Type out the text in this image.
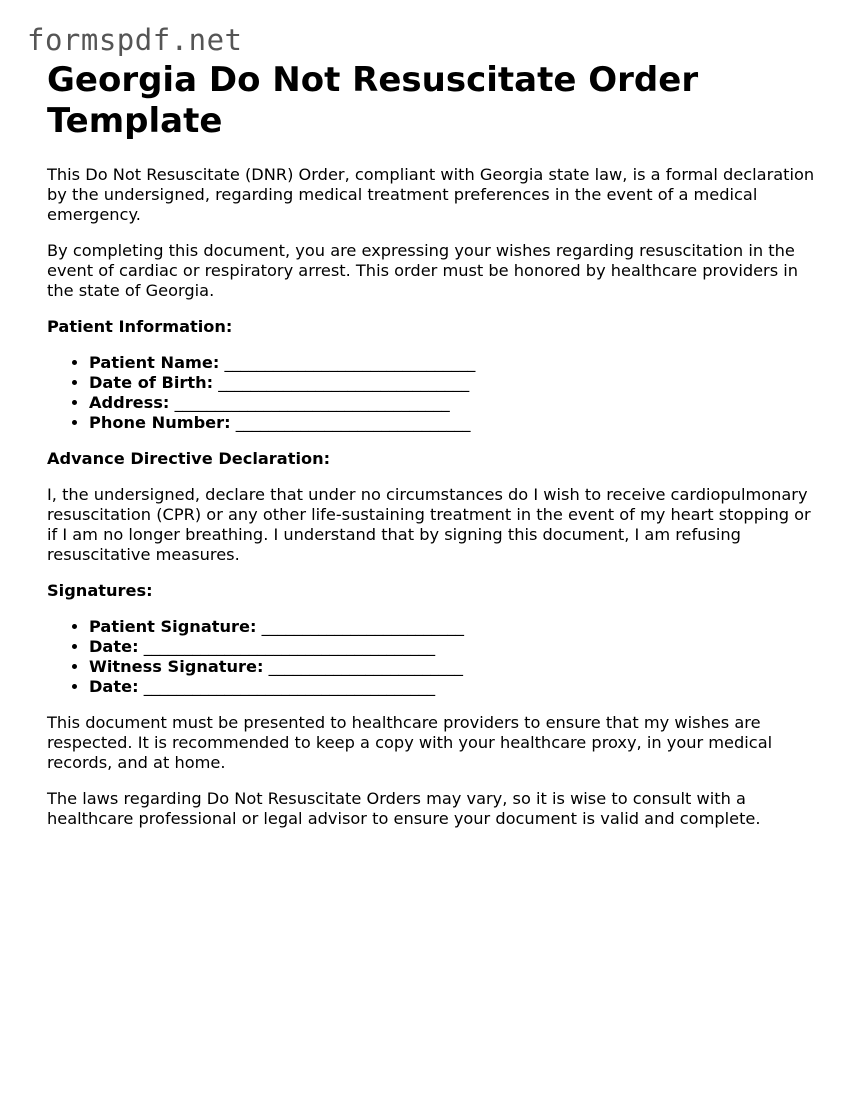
formspdf.net
Georgia Do Not Resuscitate Order Template

This Do Not Resuscitate (DNR) Order, compliant with Georgia state law, is a formal declaration by the undersigned, regarding medical treatment preferences in the event of a medical emergency.

By completing this document, you are expressing your wishes regarding resuscitation in the event of cardiac or respiratory arrest. This order must be honored by healthcare providers in the state of Georgia.

Patient Information:

• Patient Name: _______________________________
• Date of Birth: _______________________________
• Address: __________________________________
• Phone Number: _____________________________

Advance Directive Declaration:

I, the undersigned, declare that under no circumstances do I wish to receive cardiopulmonary resuscitation (CPR) or any other life-sustaining treatment in the event of my heart stopping or if I am no longer breathing. I understand that by signing this document, I am refusing resuscitative measures.

Signatures:

• Patient Signature: _________________________
• Date: ____________________________________
• Witness Signature: ________________________
• Date: ____________________________________

This document must be presented to healthcare providers to ensure that my wishes are respected. It is recommended to keep a copy with your healthcare proxy, in your medical records, and at home.

The laws regarding Do Not Resuscitate Orders may vary, so it is wise to consult with a healthcare professional or legal advisor to ensure your document is valid and complete.
